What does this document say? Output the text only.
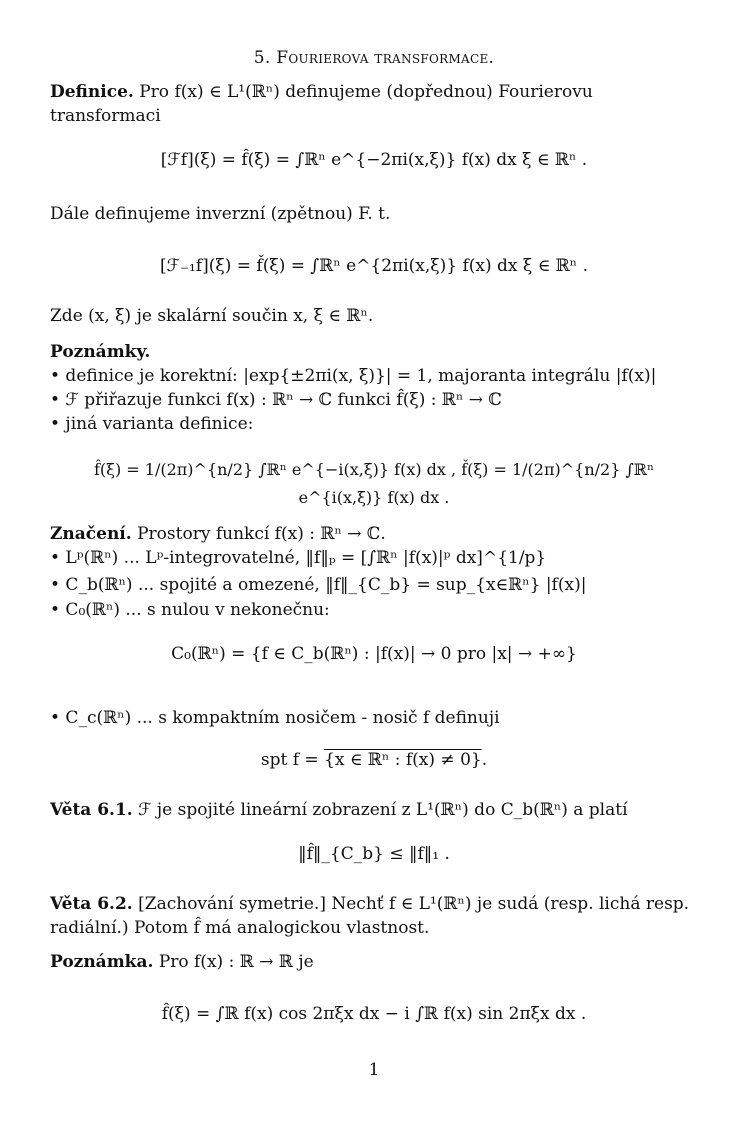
5. Fourierova transformace.
Definice. Pro f(x) ∈ L¹(ℝⁿ) definujeme (dopřednou) Fourierovu transformaci
[ℱf](ξ) = f̂(ξ) = ∫ℝⁿ e^{−2πi(x,ξ)} f(x) dx ξ ∈ ℝⁿ .
Dále definujeme inverzní (zpětnou) F. t.
[ℱ₋₁f](ξ) = f̌(ξ) = ∫ℝⁿ e^{2πi(x,ξ)} f(x) dx ξ ∈ ℝⁿ .
Zde (x, ξ) je skalární součin x, ξ ∈ ℝⁿ.
Poznámky.
• definice je korektní: |exp{±2πi(x, ξ)}| = 1, majoranta integrálu |f(x)|
• ℱ přiřazuje funkci f(x) : ℝⁿ → ℂ funkci f̂(ξ) : ℝⁿ → ℂ
• jiná varianta definice:
f̂(ξ) = 1/(2π)^{n/2} ∫ℝⁿ e^{−i(x,ξ)} f(x) dx , f̌(ξ) = 1/(2π)^{n/2} ∫ℝⁿ e^{i(x,ξ)} f(x) dx .
Značení. Prostory funkcí f(x) : ℝⁿ → ℂ.
• Lᵖ(ℝⁿ) ... Lᵖ-integrovatelné, ‖f‖ₚ = [∫ℝⁿ |f(x)|ᵖ dx]^{1/p}
• C_b(ℝⁿ) ... spojité a omezené, ‖f‖_{C_b} = sup_{x∈ℝⁿ} |f(x)|
• C₀(ℝⁿ) ... s nulou v nekonečnu:
C₀(ℝⁿ) = {f ∈ C_b(ℝⁿ) : |f(x)| → 0 pro |x| → +∞}
• C_c(ℝⁿ) ... s kompaktním nosičem - nosič f definuji
spt f = {x ∈ ℝⁿ : f(x) ≠ 0}.
Věta 6.1. ℱ je spojité lineární zobrazení z L¹(ℝⁿ) do C_b(ℝⁿ) a platí
‖f̂‖_{C_b} ≤ ‖f‖₁ .
Věta 6.2. [Zachování symetrie.] Nechť f ∈ L¹(ℝⁿ) je sudá (resp. lichá resp. radiální.) Potom f̂ má analogickou vlastnost.
Poznámka. Pro f(x) : ℝ → ℝ je
f̂(ξ) = ∫ℝ f(x) cos 2πξx dx − i ∫ℝ f(x) sin 2πξx dx .
1
